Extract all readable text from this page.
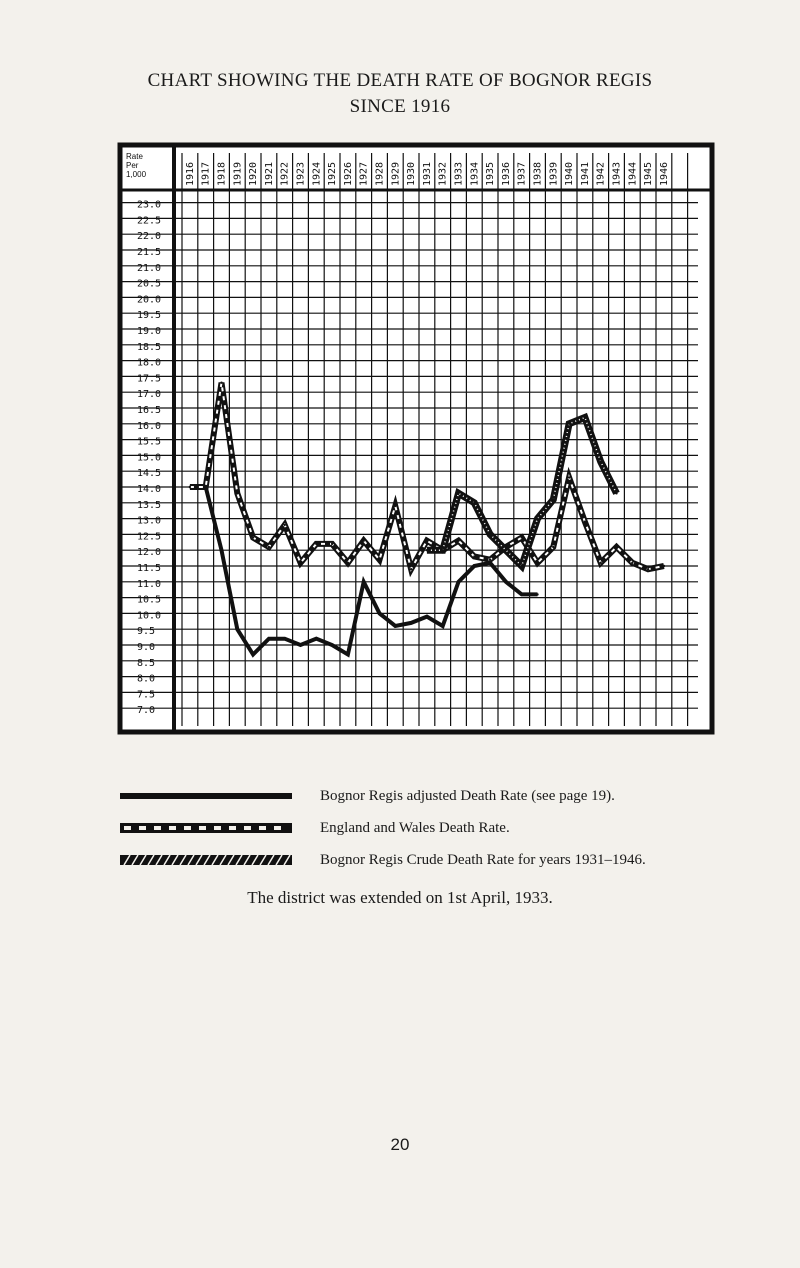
CHART SHOWING THE DEATH RATE OF BOGNOR REGIS
SINCE 1916
Rate
Per
1,000
23.0
22.5
22.0
21.5
21.0
20.5
20.0
19.5
19.0
18.5
18.0
17.5
17.0
16.5
16.0
15.5
15.0
14.5
14.0
13.5
13.0
12.5
12.0
11.5
11.0
10.5
10.0
9.5
9.0
8.5
8.0
7.5
7.0
1916 1917 1918 1919 1920 1921 1922 1923 1924 1925 1926 1927 1928 1929 1930 1931 1932 1933 1934 1935 1936 1937 1938 1939 1940 1941 1942 1943 1944 1945 1946
Bognor Regis adjusted Death Rate (see page 19).
England and Wales Death Rate.
Bognor Regis Crude Death Rate for years 1931–1946.
The district was extended on 1st April, 1933.
20
